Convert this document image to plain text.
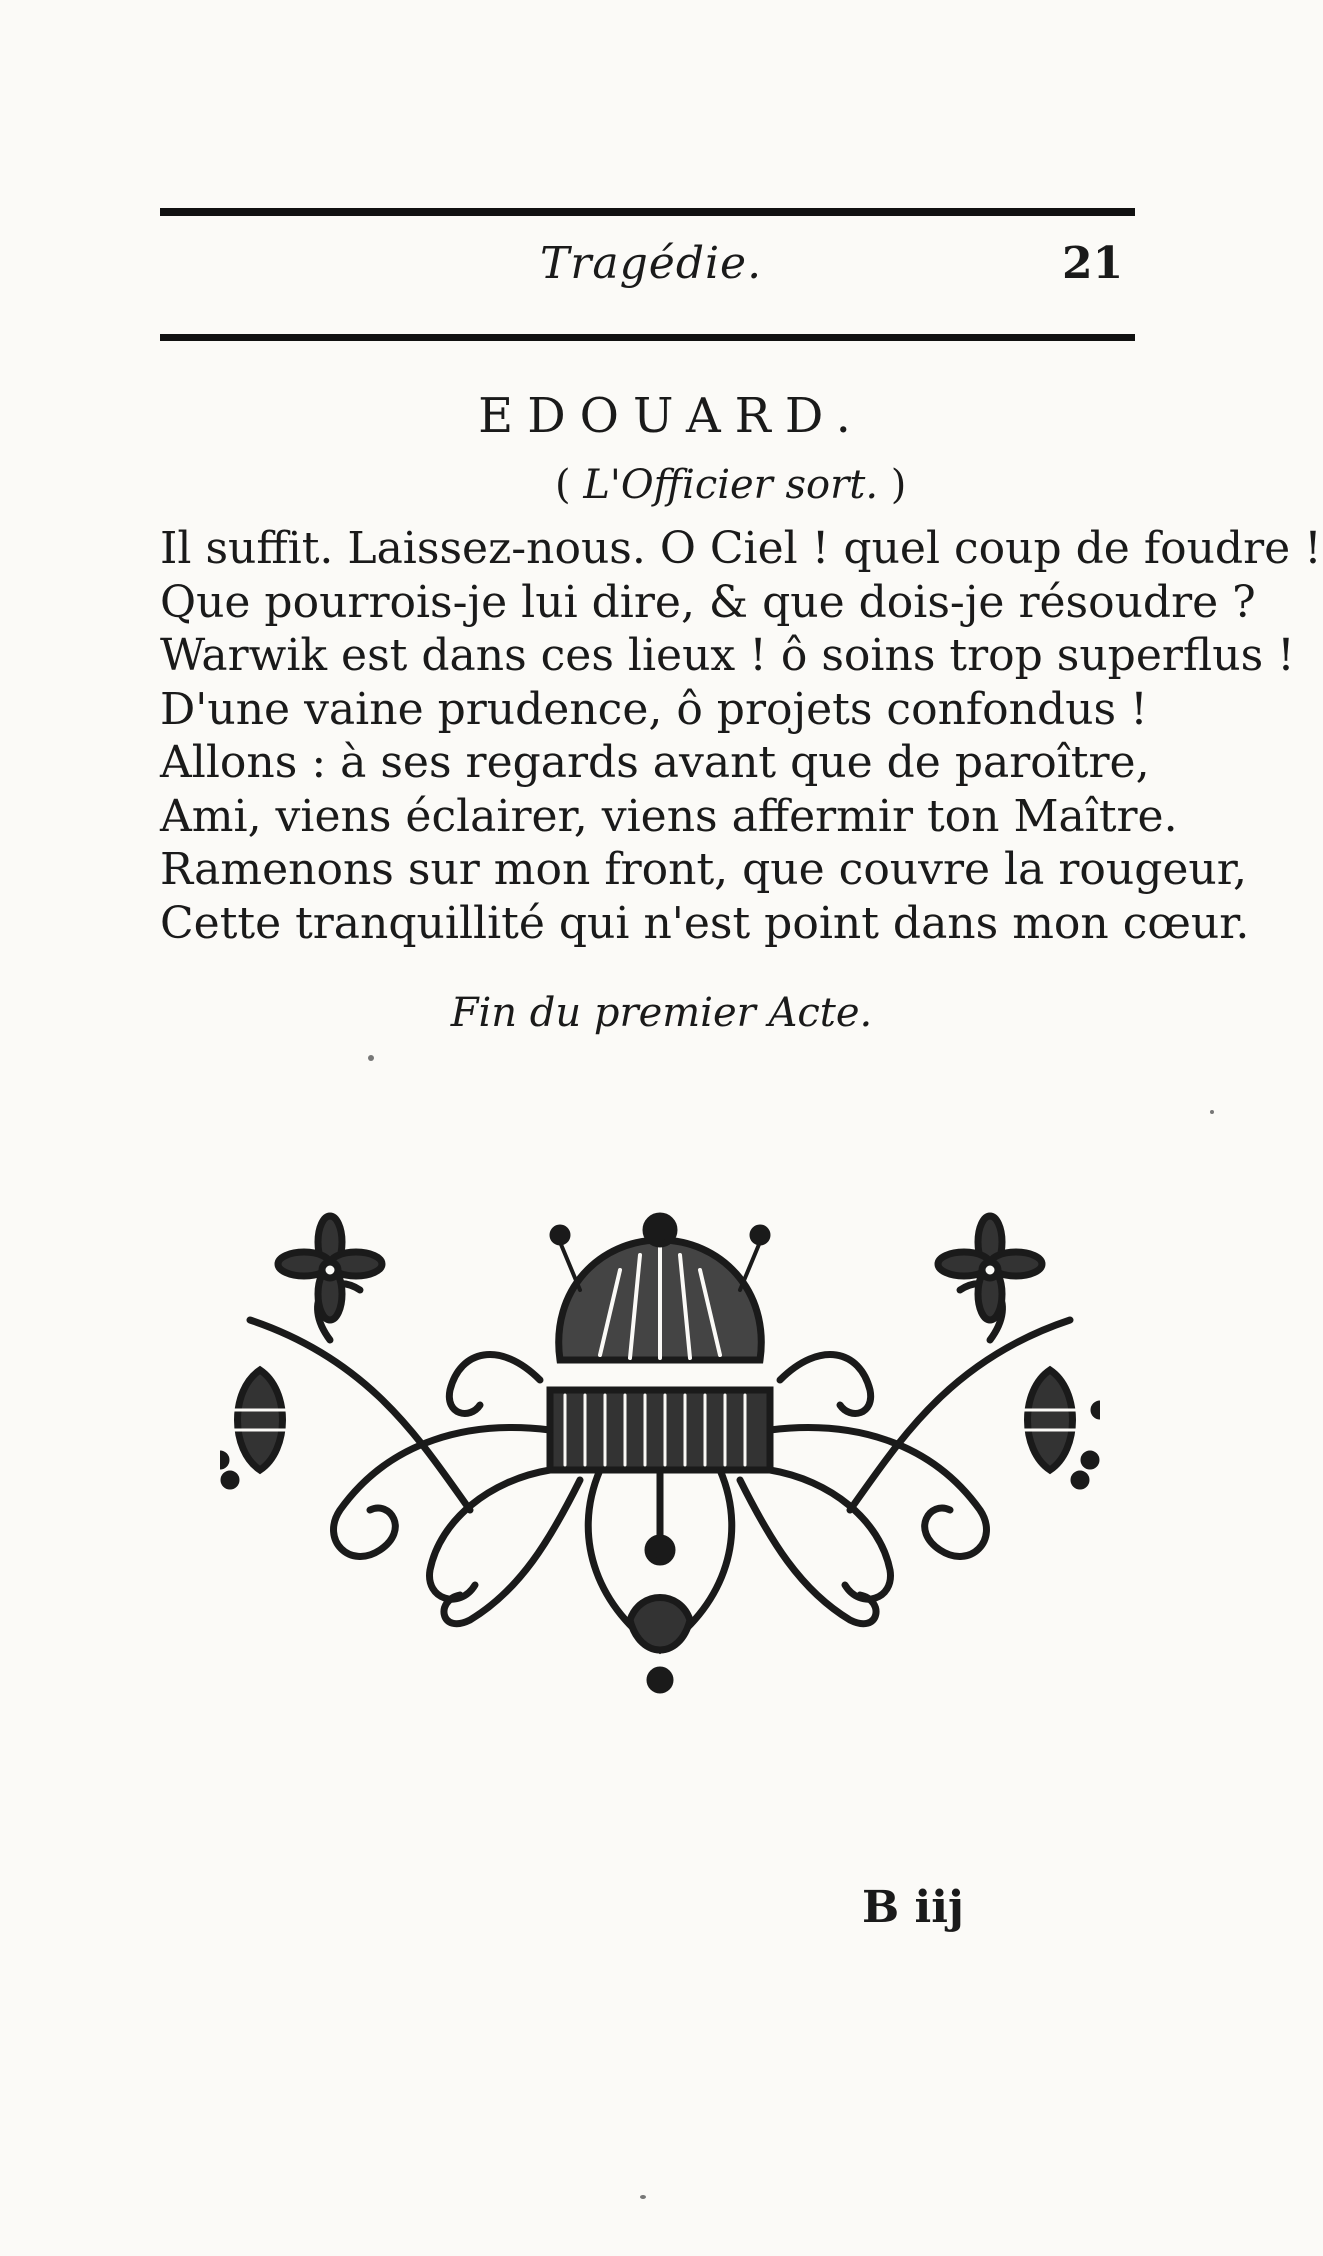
Tragédie.	21
EDOUARD.
( L'Officier sort. )
Il suffit. Laissez-nous. O Ciel ! quel coup de foudre !
Que pourrois-je lui dire, & que dois-je résoudre ?
Warwik est dans ces lieux ! ô soins trop superflus !
D'une vaine prudence, ô projets confondus !
Allons : à ses regards avant que de paroître,
Ami, viens éclairer, viens affermir ton Maître.
Ramenons sur mon front, que couvre la rougeur,
Cette tranquillité qui n'est point dans mon cœur.
Fin du premier Acte.
B iij
